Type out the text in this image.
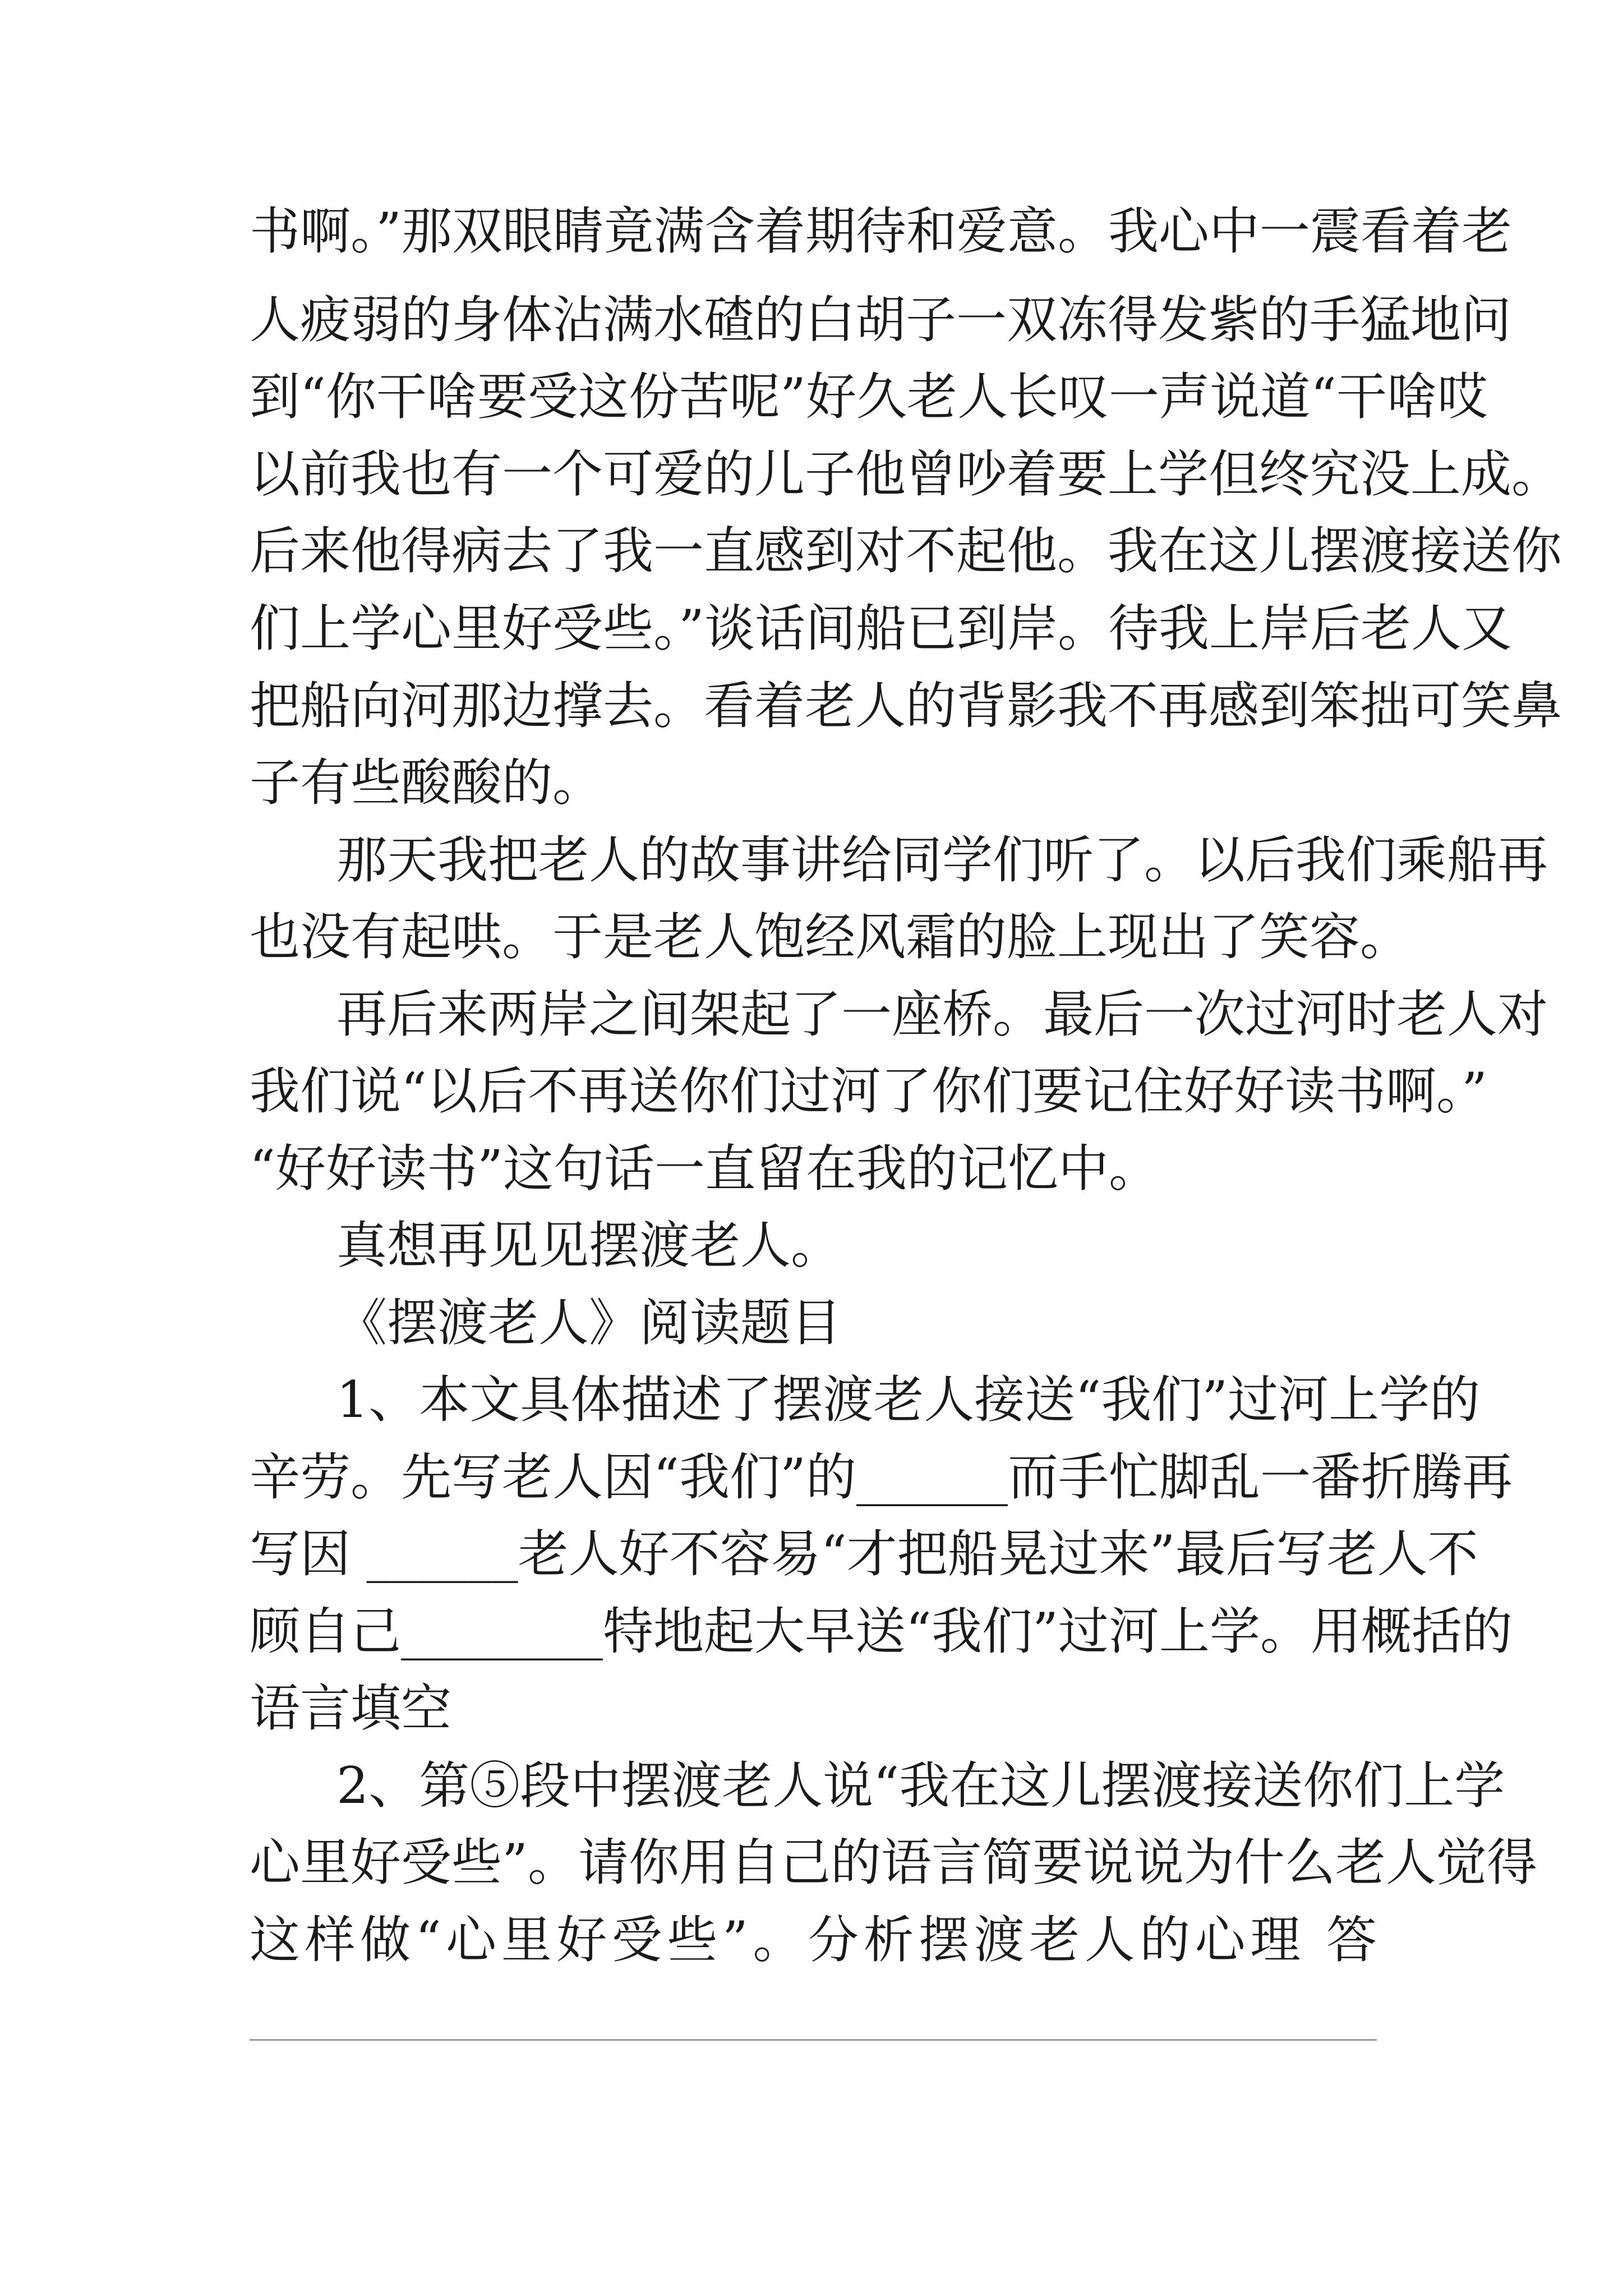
书啊。”那双眼睛竟满含着期待和爱意。我心中一震看着老
人疲弱的身体沾满水碴的白胡子一双冻得发紫的手猛地问
到“你干啥要受这份苦呢”好久老人长叹一声说道“干啥哎
以前我也有一个可爱的儿子他曾吵着要上学但终究没上成。
后来他得病去了我一直感到对不起他。我在这儿摆渡接送你
们上学心里好受些。”谈话间船已到岸。待我上岸后老人又
把船向河那边撑去。看着老人的背影我不再感到笨拙可笑鼻
子有些酸酸的。
那天我把老人的故事讲给同学们听了。以后我们乘船再
也没有起哄。于是老人饱经风霜的脸上现出了笑容。
再后来两岸之间架起了一座桥。最后一次过河时老人对
我们说“以后不再送你们过河了你们要记住好好读书啊。”
“好好读书”这句话一直留在我的记忆中。
真想再见见摆渡老人。
《摆渡老人》阅读题目
1、本文具体描述了摆渡老人接送“我们”过河上学的
辛劳。先写老人因“我们”的______而手忙脚乱一番折腾再
写因 ______老人好不容易“才把船晃过来”最后写老人不
顾自己________特地起大早送“我们”过河上学。用概括的
语言填空
2、第⑤段中摆渡老人说“我在这儿摆渡接送你们上学
心里好受些”。请你用自己的语言简要说说为什么老人觉得
这样做“心里好受些”。分析摆渡老人的心理 答
